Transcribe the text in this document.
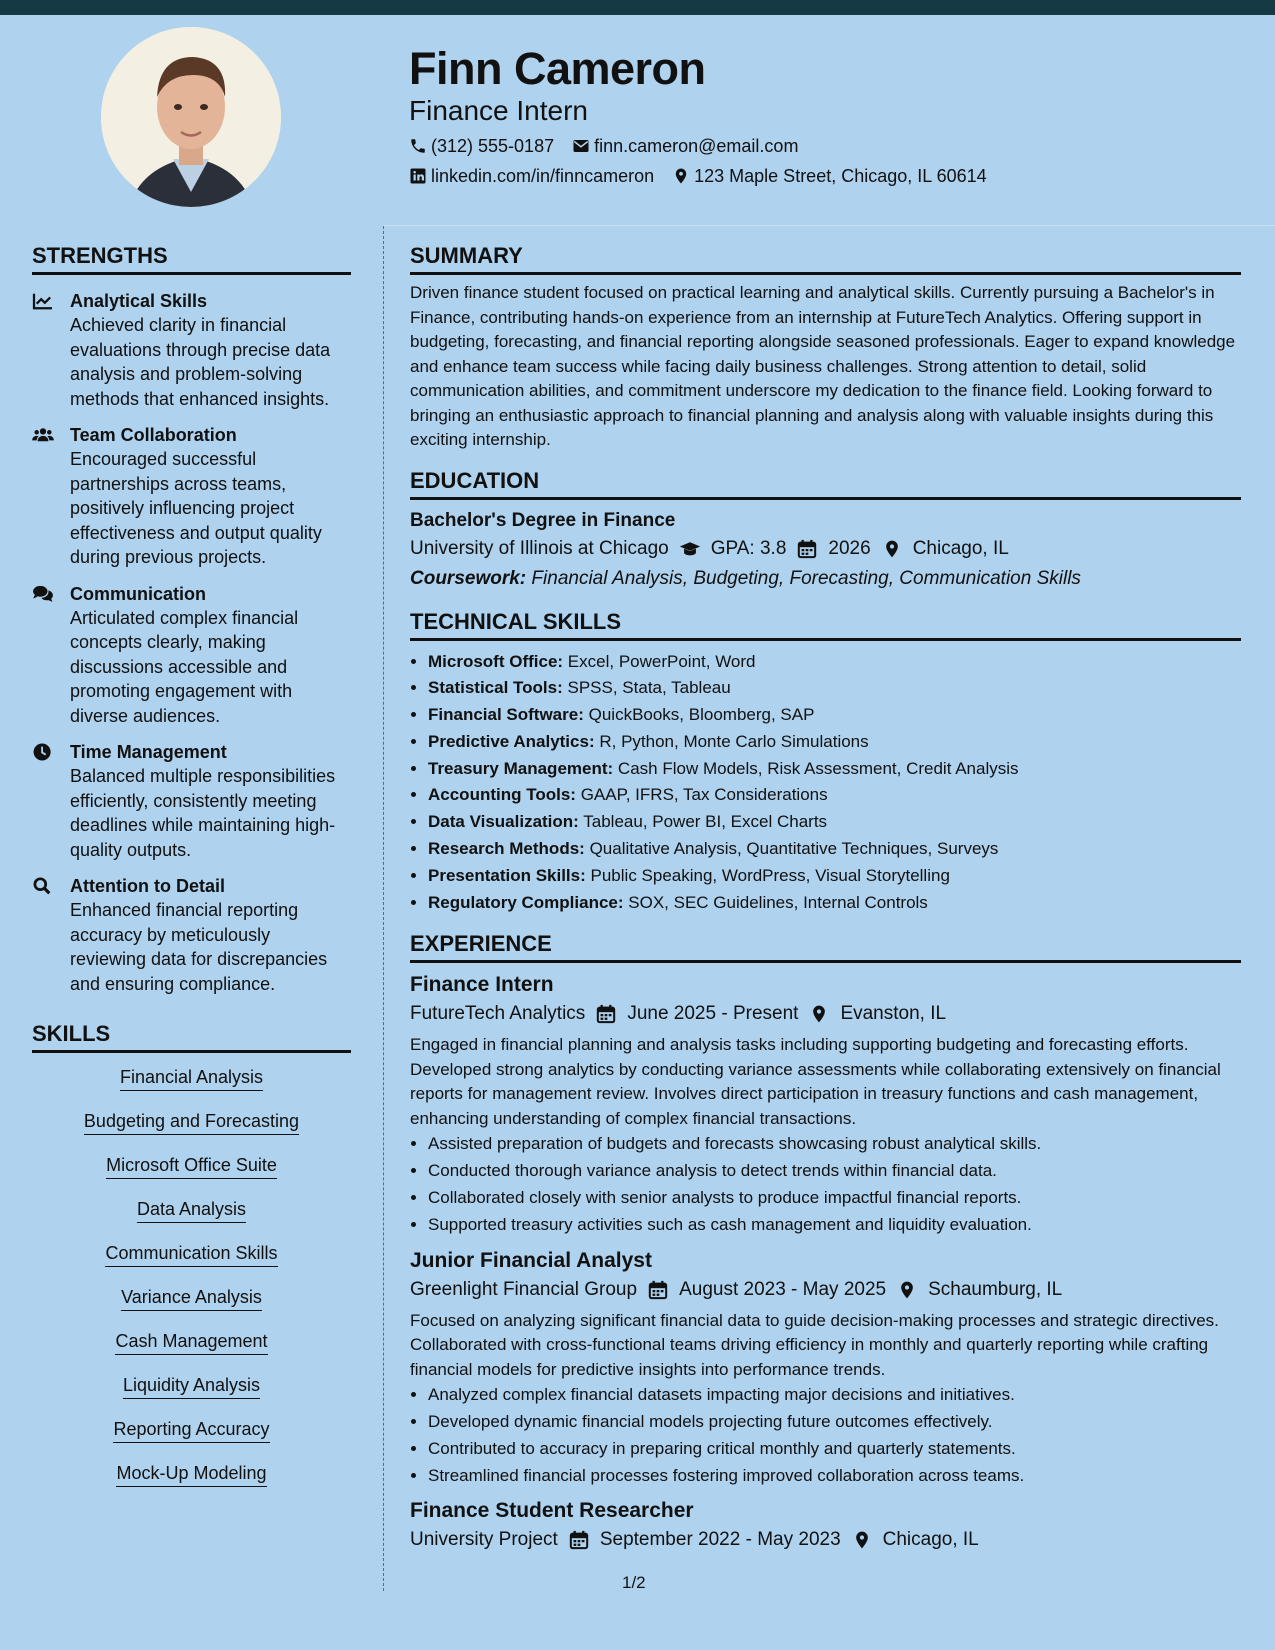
Finn Cameron
Finance Intern
(312) 555-0187 finn.cameron@email.com
linkedin.com/in/finncameron 123 Maple Street, Chicago, IL 60614
STRENGTHS
Analytical Skills
Achieved clarity in financial evaluations through precise data analysis and problem-solving methods that enhanced insights.
Team Collaboration
Encouraged successful partnerships across teams, positively influencing project effectiveness and output quality during previous projects.
Communication
Articulated complex financial concepts clearly, making discussions accessible and promoting engagement with diverse audiences.
Time Management
Balanced multiple responsibilities efficiently, consistently meeting deadlines while maintaining high-quality outputs.
Attention to Detail
Enhanced financial reporting accuracy by meticulously reviewing data for discrepancies and ensuring compliance.
SKILLS
Financial Analysis
Budgeting and Forecasting
Microsoft Office Suite
Data Analysis
Communication Skills
Variance Analysis
Cash Management
Liquidity Analysis
Reporting Accuracy
Mock-Up Modeling
SUMMARY
Driven finance student focused on practical learning and analytical skills. Currently pursuing a Bachelor's in Finance, contributing hands-on experience from an internship at FutureTech Analytics. Offering support in budgeting, forecasting, and financial reporting alongside seasoned professionals. Eager to expand knowledge and enhance team success while facing daily business challenges. Strong attention to detail, solid communication abilities, and commitment underscore my dedication to the finance field. Looking forward to bringing an enthusiastic approach to financial planning and analysis along with valuable insights during this exciting internship.
EDUCATION
Bachelor's Degree in Finance
University of Illinois at Chicago GPA: 3.8 2026 Chicago, IL
Coursework: Financial Analysis, Budgeting, Forecasting, Communication Skills
TECHNICAL SKILLS
• Microsoft Office: Excel, PowerPoint, Word
• Statistical Tools: SPSS, Stata, Tableau
• Financial Software: QuickBooks, Bloomberg, SAP
• Predictive Analytics: R, Python, Monte Carlo Simulations
• Treasury Management: Cash Flow Models, Risk Assessment, Credit Analysis
• Accounting Tools: GAAP, IFRS, Tax Considerations
• Data Visualization: Tableau, Power BI, Excel Charts
• Research Methods: Qualitative Analysis, Quantitative Techniques, Surveys
• Presentation Skills: Public Speaking, WordPress, Visual Storytelling
• Regulatory Compliance: SOX, SEC Guidelines, Internal Controls
EXPERIENCE
Finance Intern
FutureTech Analytics June 2025 - Present Evanston, IL
Engaged in financial planning and analysis tasks including supporting budgeting and forecasting efforts. Developed strong analytics by conducting variance assessments while collaborating extensively on financial reports for management review. Involves direct participation in treasury functions and cash management, enhancing understanding of complex financial transactions.
• Assisted preparation of budgets and forecasts showcasing robust analytical skills.
• Conducted thorough variance analysis to detect trends within financial data.
• Collaborated closely with senior analysts to produce impactful financial reports.
• Supported treasury activities such as cash management and liquidity evaluation.
Junior Financial Analyst
Greenlight Financial Group August 2023 - May 2025 Schaumburg, IL
Focused on analyzing significant financial data to guide decision-making processes and strategic directives. Collaborated with cross-functional teams driving efficiency in monthly and quarterly reporting while crafting financial models for predictive insights into performance trends.
• Analyzed complex financial datasets impacting major decisions and initiatives.
• Developed dynamic financial models projecting future outcomes effectively.
• Contributed to accuracy in preparing critical monthly and quarterly statements.
• Streamlined financial processes fostering improved collaboration across teams.
Finance Student Researcher
University Project September 2022 - May 2023 Chicago, IL
1/2
